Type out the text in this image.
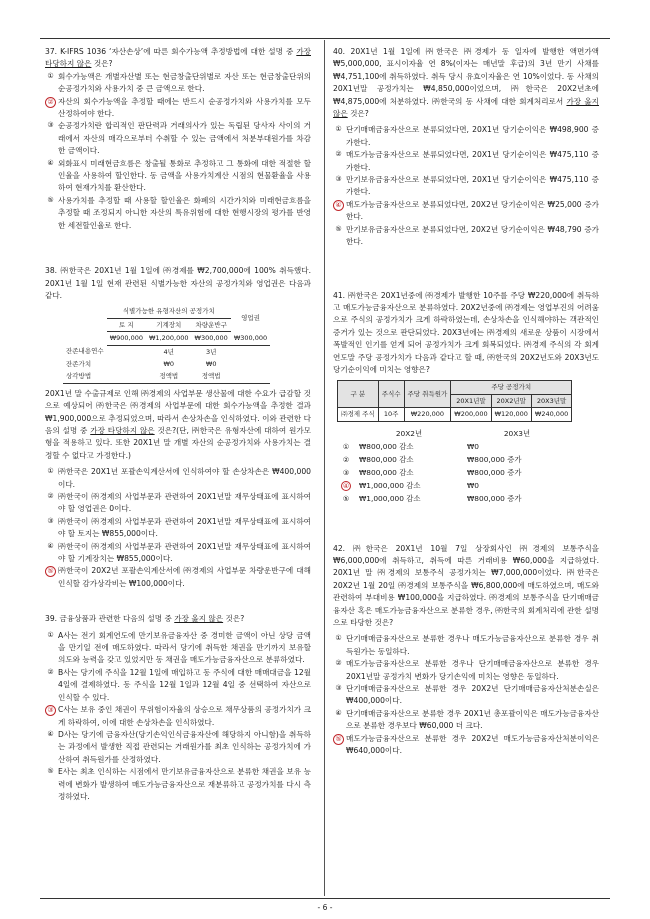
37. K-IFRS 1036 ‘자산손상’에 따른 회수가능액 추정방법에 대한 설명 중 가장 타당하지 않은 것은?
① 회수가능액은 개별자산별 또는 현금창출단위별로 자산 또는 현금창출단위의 순공정가치와 사용가치 중 큰 금액으로 한다.
② 자산의 회수가능액을 추정할 때에는 반드시 순공정가치와 사용가치를 모두 산정하여야 한다.
③ 순공정가치란 합리적인 판단력과 거래의사가 있는 독립된 당사자 사이의 거래에서 자산의 매각으로부터 수취할 수 있는 금액에서 처분부대원가를 차감한 금액이다.
④ 외화표시 미래현금흐름은 창출될 통화로 추정하고 그 통화에 대한 적절한 할인율을 사용하여 할인한다. 동 금액을 사용가치계산 시점의 현물환율을 사용하여 현재가치를 환산한다.
⑤ 사용가치를 추정할 때 사용할 할인율은 화폐의 시간가치와 미래현금흐름을 추정할 때 조정되지 아니한 자산의 특유위험에 대한 현행시장의 평가를 반영한 세전할인율로 한다.
38. ㈜한국은 20X1년 1월 1일에 ㈜경제를 ₩2,700,000에 100% 취득했다. 20X1년 1월 1일 현재 관련된 식별가능한 자산의 공정가치와 영업권은 다음과 같다.
	식별가능한 유형자산의 공정가치			영업권
	토 지	기계장치	차량운반구	
	₩900,000	₩1,200,000	₩300,000	₩300,000
잔존내용연수		4년	3년	
잔존가치		₩0	₩0	
상각방법		정액법	정액법	
20X1년 말 수출규제로 인해 ㈜경제의 사업부문 생산물에 대한 수요가 급감할 것으로 예상되어 ㈜한국은 ㈜경제의 사업부문에 대한 회수가능액을 추정한 결과 ₩1,900,000으로 추정되었으며, 따라서 손상차손을 인식하였다. 이와 관련한 다음의 설명 중 가장 타당하지 않은 것은?(단, ㈜한국은 유형자산에 대하여 원가모형을 적용하고 있다. 또한 20X1년 말 개별 자산의 순공정가치와 사용가치는 결정할 수 없다고 가정한다.)
① ㈜한국은 20X1년 포괄손익계산서에 인식하여야 할 손상차손은 ₩400,000이다.
② ㈜한국이 ㈜경제의 사업부문과 관련하여 20X1년말 재무상태표에 표시하여야 할 영업권은 0이다.
③ ㈜한국이 ㈜경제의 사업부문과 관련하여 20X1년말 재무상태표에 표시하여야 할 토지는 ₩855,000이다.
④ ㈜한국이 ㈜경제의 사업부문과 관련하여 20X1년말 재무상태표에 표시하여야 할 기계장치는 ₩855,000이다.
⑤ ㈜한국이 20X2년 포괄손익계산서에 ㈜경제의 사업부문 차량운반구에 대해 인식할 감가상각비는 ₩100,000이다.
39. 금융상품과 관련한 다음의 설명 중 가장 옳지 않은 것은?
① A사는 전기 회계연도에 만기보유금융자산 중 경미한 금액이 아닌 상당 금액을 만기일 전에 매도하였다. 따라서 당기에 취득한 채권을 만기까지 보유할 의도와 능력을 갖고 있었지만 동 채권을 매도가능금융자산으로 분류하였다.
② B사는 당기에 주식을 12월 1일에 매입하고 동 주식에 대한 매매대금을 12월 4일에 결제하였다. 동 주식을 12월 1일과 12월 4일 중 선택하여 자산으로 인식할 수 있다.
③ C사는 보유 중인 채권이 무위험이자율의 상승으로 채무상품의 공정가치가 크게 하락하여, 이에 대한 손상차손을 인식하였다.
④ D사는 당기에 금융자산(당기손익인식금융자산에 해당하지 아니함)을 취득하는 과정에서 발생한 직접 관련되는 거래원가를 최초 인식하는 공정가치에 가산하여 취득원가를 산정하였다.
⑤ E사는 최초 인식하는 시점에서 만기보유금융자산으로 분류한 채권을 보유 능력에 변화가 발생하여 매도가능금융자산으로 재분류하고 공정가치를 다시 측정하였다.
40. 20X1년 1월 1일에 ㈜한국은 ㈜경제가 동 일자에 발행한 액면가액 ₩5,000,000, 표시이자율 연 8%(이자는 매년말 후급)의 3년 만기 사채를 ₩4,751,100에 취득하였다. 취득 당시 유효이자율은 연 10%이었다. 동 사채의 20X1년말 공정가치는 ₩4,850,000이었으며, ㈜한국은 20X2년초에 ₩4,875,000에 처분하였다. ㈜한국의 동 사채에 대한 회계처리로서 가장 옳지 않은 것은?
① 단기매매금융자산으로 분류되었다면, 20X1년 당기순이익은 ₩498,900 증가한다.
② 매도가능금융자산으로 분류되었다면, 20X1년 당기순이익은 ₩475,110 증가한다.
③ 만기보유금융자산으로 분류되었다면, 20X1년 당기순이익은 ₩475,110 증가한다.
④ 매도가능금융자산으로 분류되었다면, 20X2년 당기순이익은 ₩25,000 증가한다.
⑤ 만기보유금융자산으로 분류되었다면, 20X2년 당기순이익은 ₩48,790 증가한다.
41. ㈜한국은 20X1년중에 ㈜경제가 발행한 10주를 주당 ₩220,000에 취득하고 매도가능금융자산으로 분류하였다. 20X2년중에 ㈜경제는 영업부진의 어려움으로 주식의 공정가치가 크게 하락하였는데, 손상차손을 인식해야하는 객관적인 증거가 있는 것으로 판단되었다. 20X3년에는 ㈜경제의 새로운 상품이 시장에서 폭발적인 인기를 얻게 되어 공정가치가 크게 회복되었다. ㈜경제 주식의 각 회계연도말 주당 공정가치가 다음과 같다고 할 때, ㈜한국의 20X2년도와 20X3년도 당기순이익에 미치는 영향은?
구 분	주식수	주당 취득원가	주당 공정가치		
			20X1년말	20X2년말	20X3년말
㈜경제 주식	10주	₩220,000	₩200,000	₩120,000	₩240,000
	20X2년	20X3년
①	₩800,000 감소	₩0
②	₩800,000 감소	₩800,000 증가
③	₩800,000 감소	₩800,000 증가
④	₩1,000,000 감소	₩0
⑤	₩1,000,000 감소	₩800,000 증가
42. ㈜한국은 20X1년 10월 7일 상장회사인 ㈜경제의 보통주식을 ₩6,000,000에 취득하고, 취득에 따른 거래비용 ₩60,000을 지급하였다. 20X1년 말 ㈜경제의 보통주식 공정가치는 ₩7,000,000이었다. ㈜한국은 20X2년 1월 20일 ㈜경제의 보통주식을 ₩6,800,000에 매도하였으며, 매도와 관련하여 부대비용 ₩100,000을 지급하였다. ㈜경제의 보통주식을 단기매매금융자산 혹은 매도가능금융자산으로 분류한 경우, ㈜한국의 회계처리에 관한 설명으로 타당한 것은?
① 단기매매금융자산으로 분류한 경우나 매도가능금융자산으로 분류한 경우 취득원가는 동일하다.
② 매도가능금융자산으로 분류한 경우나 단기매매금융자산으로 분류한 경우 20X1년말 공정가치 변화가 당기손익에 미치는 영향은 동일하다.
③ 단기매매금융자산으로 분류한 경우 20X2년 단기매매금융자산처분손실은 ₩400,000이다.
④ 단기매매금융자산으로 분류한 경우 20X1년 총포괄이익은 매도가능금융자산으로 분류한 경우보다 ₩60,000 더 크다.
⑤ 매도가능금융자산으로 분류한 경우 20X2년 매도가능금융자산처분이익은 ₩640,000이다.
- 6 -
